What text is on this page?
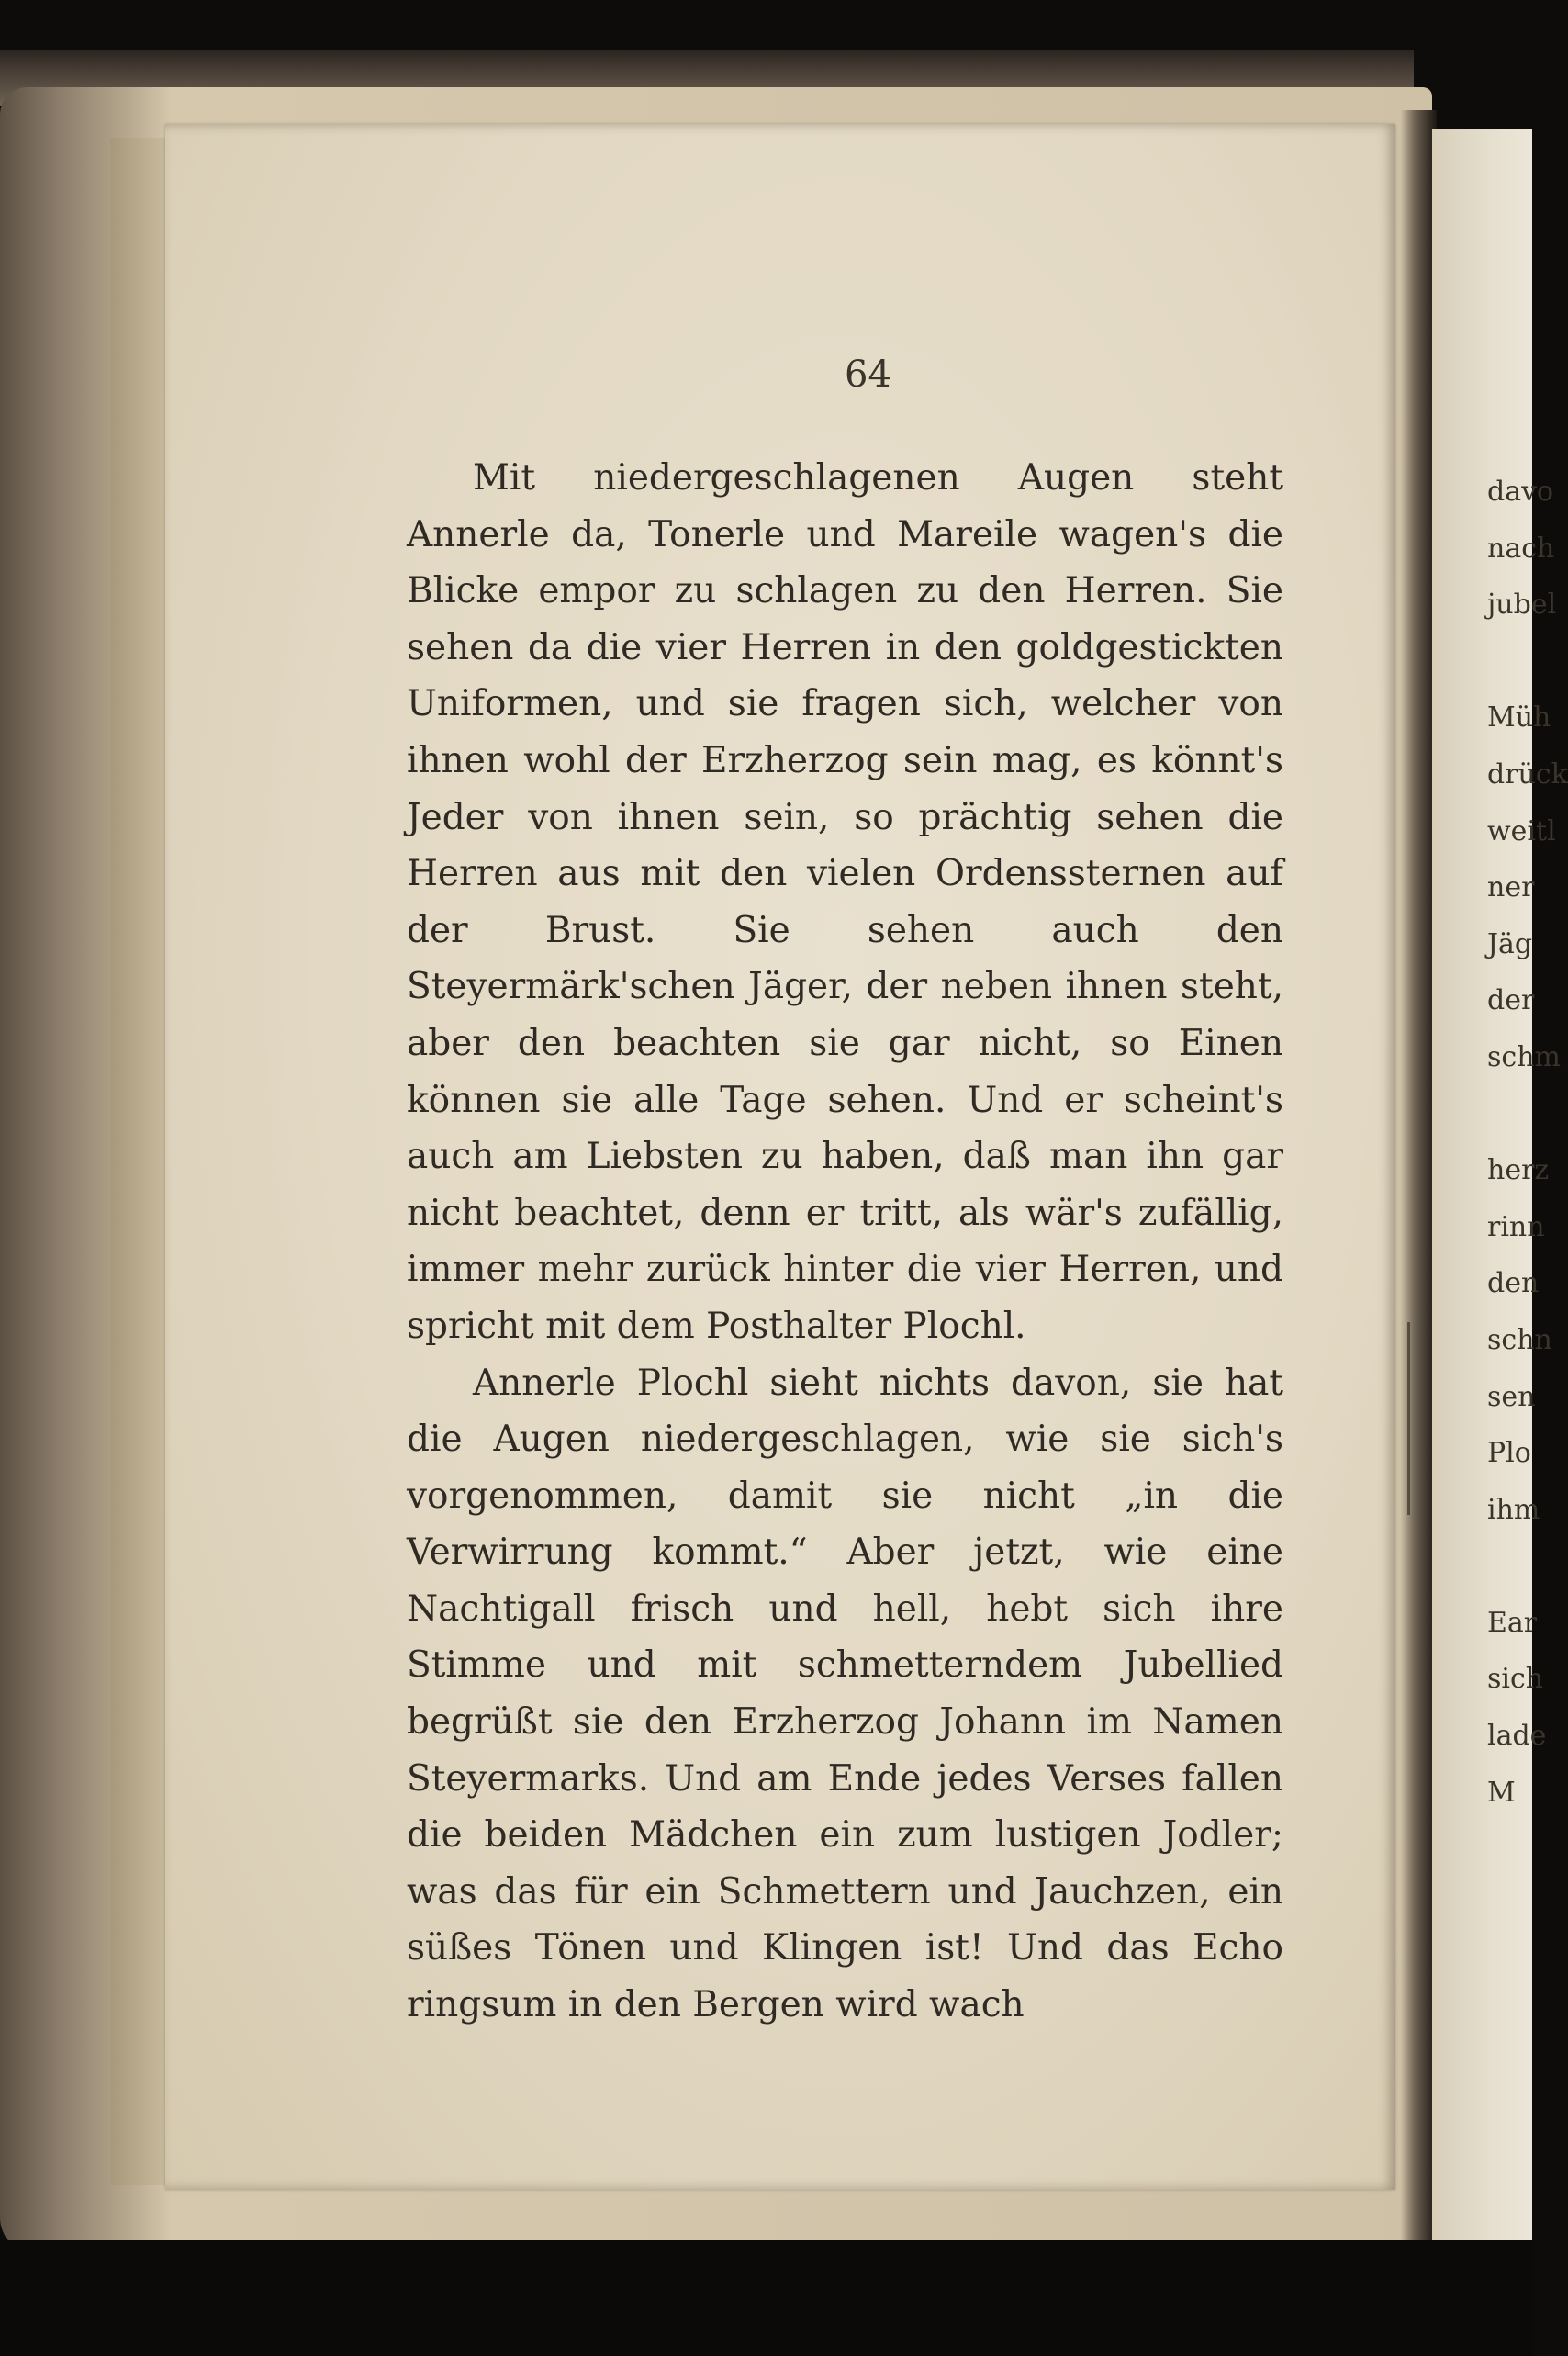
64

Mit niedergeschlagenen Augen steht Annerle da, Tonerle und Mareile wagen's die Blicke empor zu schlagen zu den Herren. Sie sehen da die vier Herren in den goldgestickten Uniformen, und sie fragen sich, welcher von ihnen wohl der Erzherzog sein mag, es könnt's Jeder von ihnen sein, so prächtig sehen die Herren aus mit den vielen Ordenssternen auf der Brust. Sie sehen auch den Steyermärk'schen Jäger, der neben ihnen steht, aber den beachten sie gar nicht, so Einen können sie alle Tage sehen. Und er scheint's auch am Liebsten zu haben, daß man ihn gar nicht beachtet, denn er tritt, als wär's zufällig, immer mehr zurück hinter die vier Herren, und spricht mit dem Posthalter Plochl.

Annerle Plochl sieht nichts davon, sie hat die Augen niedergeschlagen, wie sie sich's vorgenommen, damit sie nicht „in die Verwirrung kommt.“ Aber jetzt, wie eine Nachtigall frisch und hell, hebt sich ihre Stimme und mit schmetterndem Jubellied begrüßt sie den Erzherzog Johann im Namen Steyermarks. Und am Ende jedes Verses fallen die beiden Mädchen ein zum lustigen Jodler; was das für ein Schmettern und Jauchzen, ein süßes Tönen und Klingen ist! Und das Echo ringsum in den Bergen wird wach

davo
nach
jubel
Müh
drück
weitl
ner
Jäg
der
schm
herz
rinn
den
schn
sen
Plo
ihm
Ear
sich
lade
M
